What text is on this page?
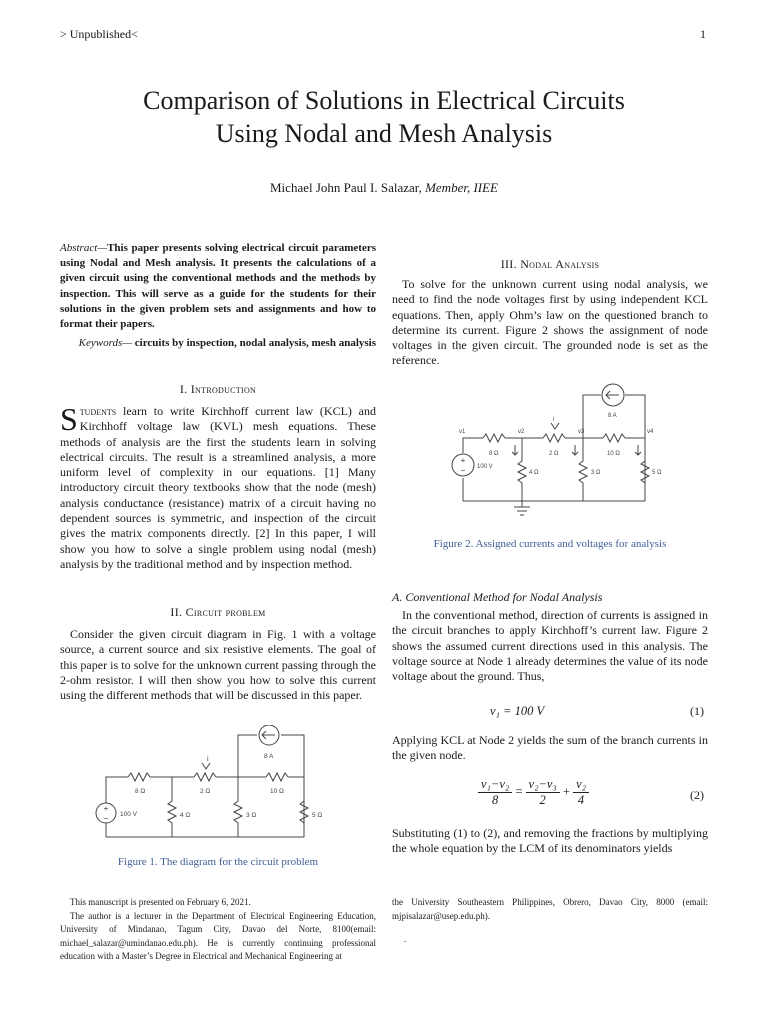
> Unpublished<	1
Comparison of Solutions in Electrical Circuits
Using Nodal and Mesh Analysis
Michael John Paul I. Salazar, Member, IIEE
Abstract—This paper presents solving electrical circuit parameters using Nodal and Mesh analysis. It presents the calculations of a given circuit using the conventional methods and the methods by inspection. This will serve as a guide for the students for their solutions in the given problem sets and assignments and how to format their papers.
Keywords— circuits by inspection, nodal analysis, mesh analysis
I. Introduction
Students learn to write Kirchhoff current law (KCL) and Kirchhoff voltage law (KVL) mesh equations. These methods of analysis are the first the students learn in solving electrical circuits. The result is a streamlined analysis, a more uniform level of complexity in our equations. [1] Many introductory circuit theory textbooks show that the node (mesh) analysis conductance (resistance) matrix of a circuit having no dependent sources is symmetric, and inspection of the circuit gives the matrix components directly. [2] In this paper, I will show you how to solve a single problem using nodal (mesh) analysis by the traditional method and by inspection method.
II. Circuit problem
Consider the given circuit diagram in Fig. 1 with a voltage source, a current source and six resistive elements. The goal of this paper is to solve for the unknown current passing through the 2-ohm resistor. I will then show you how to solve this current using the different methods that will be discussed in this paper.
+
−
i
8 Ω	2 Ω	10 Ω
4 Ω	3 Ω	5 Ω
100 V
8 A
Figure 1. The diagram for the circuit problem

This manuscript is presented on February 6, 2021.

The author is a lecturer in the Department of Electrical Engineering Education, University of Mindanao, Tagum City, Davao del Norte, 8100(email: michael_salazar@umindanao.edu.ph). He is currently continuing professional education with a Master’s Degree in Electrical and Mechanical Engineering at

III. Nodal Analysis
To solve for the unknown current using nodal analysis, we need to find the node voltages first by using independent KCL equations. Then, apply Ohm’s law on the questioned branch to determine its current. Figure 2 shows the assignment of node voltages in the given circuit. The grounded node is set as the reference.
+
−
v1	v2	v3	v4
i
8 Ω	2 Ω	10 Ω
4 Ω	3 Ω	5 Ω
100 V
8 A
Figure 2. Assigned currents and voltages for analysis
A. Conventional Method for Nodal Analysis
In the conventional method, direction of currents is assigned in the circuit branches to apply Kirchhoff’s current law. Figure 2 shows the assumed current directions used in this analysis. The voltage source at Node 1 already determines the value of its node voltage about the ground. Thus,
v₁ = 100 V	(1)
Applying KCL at Node 2 yields the sum of the branch currents in the given node.
$\frac{\text{v₁−v₂}}{8} = \frac{\text{v₂−v₃}}{2} + \frac{\text{v₂}}{4}$	(2)
Substituting (1) to (2), and removing the fractions by multiplying the whole equation by the LCM of its denominators yields

the University Southeastern Philippines, Obrero, Davao City, 8000 (email: mjpisalazar@usep.edu.ph).

.
